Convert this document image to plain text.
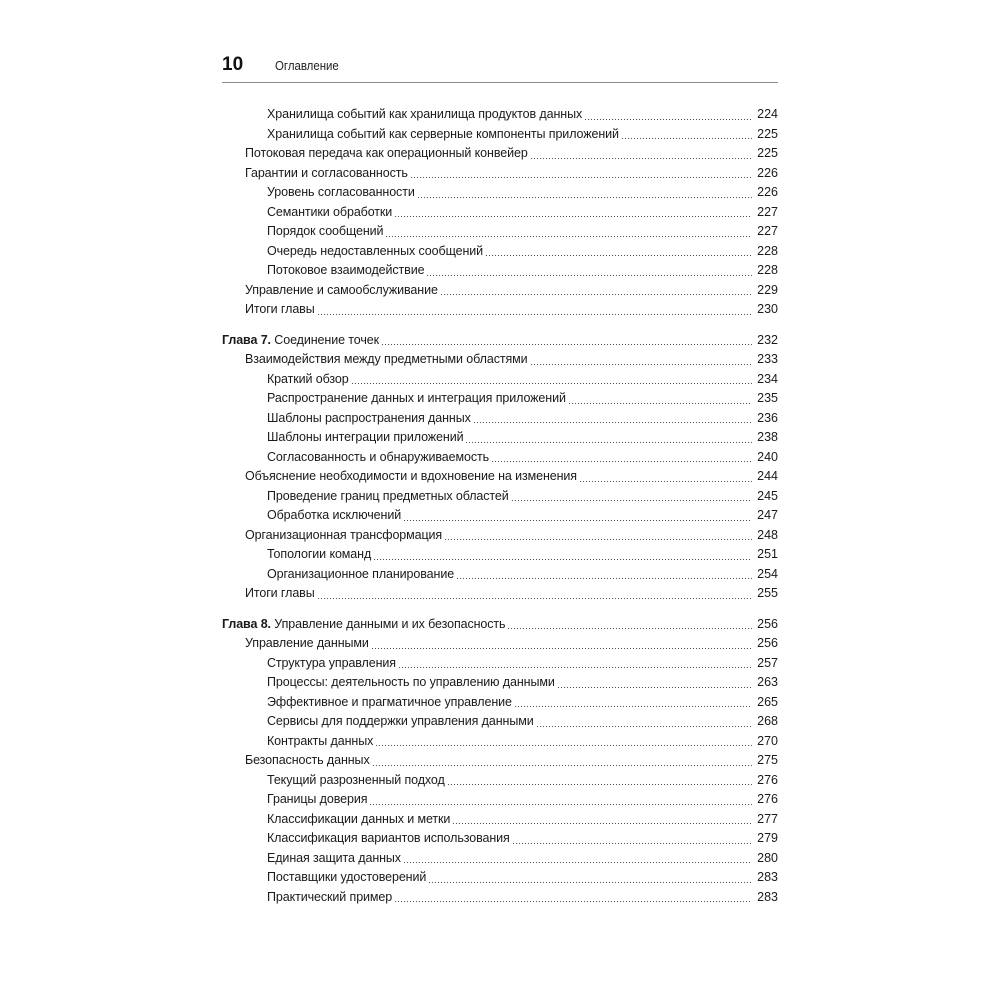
10 Оглавление
Хранилища событий как хранилища продуктов данных	224
Хранилища событий как серверные компоненты приложений	225
Потоковая передача как операционный конвейер	225
Гарантии и согласованность	226
Уровень согласованности	226
Семантики обработки	227
Порядок сообщений	227
Очередь недоставленных сообщений	228
Потоковое взаимодействие	228
Управление и самообслуживание	229
Итоги главы	230
Глава 7. Соединение точек	232
Взаимодействия между предметными областями	233
Краткий обзор	234
Распространение данных и интеграция приложений	235
Шаблоны распространения данных	236
Шаблоны интеграции приложений	238
Согласованность и обнаруживаемость	240
Объяснение необходимости и вдохновение на изменения	244
Проведение границ предметных областей	245
Обработка исключений	247
Организационная трансформация	248
Топологии команд	251
Организационное планирование	254
Итоги главы	255
Глава 8. Управление данными и их безопасность	256
Управление данными	256
Структура управления	257
Процессы: деятельность по управлению данными	263
Эффективное и прагматичное управление	265
Сервисы для поддержки управления данными	268
Контракты данных	270
Безопасность данных	275
Текущий разрозненный подход	276
Границы доверия	276
Классификации данных и метки	277
Классификация вариантов использования	279
Единая защита данных	280
Поставщики удостоверений	283
Практический пример	283
